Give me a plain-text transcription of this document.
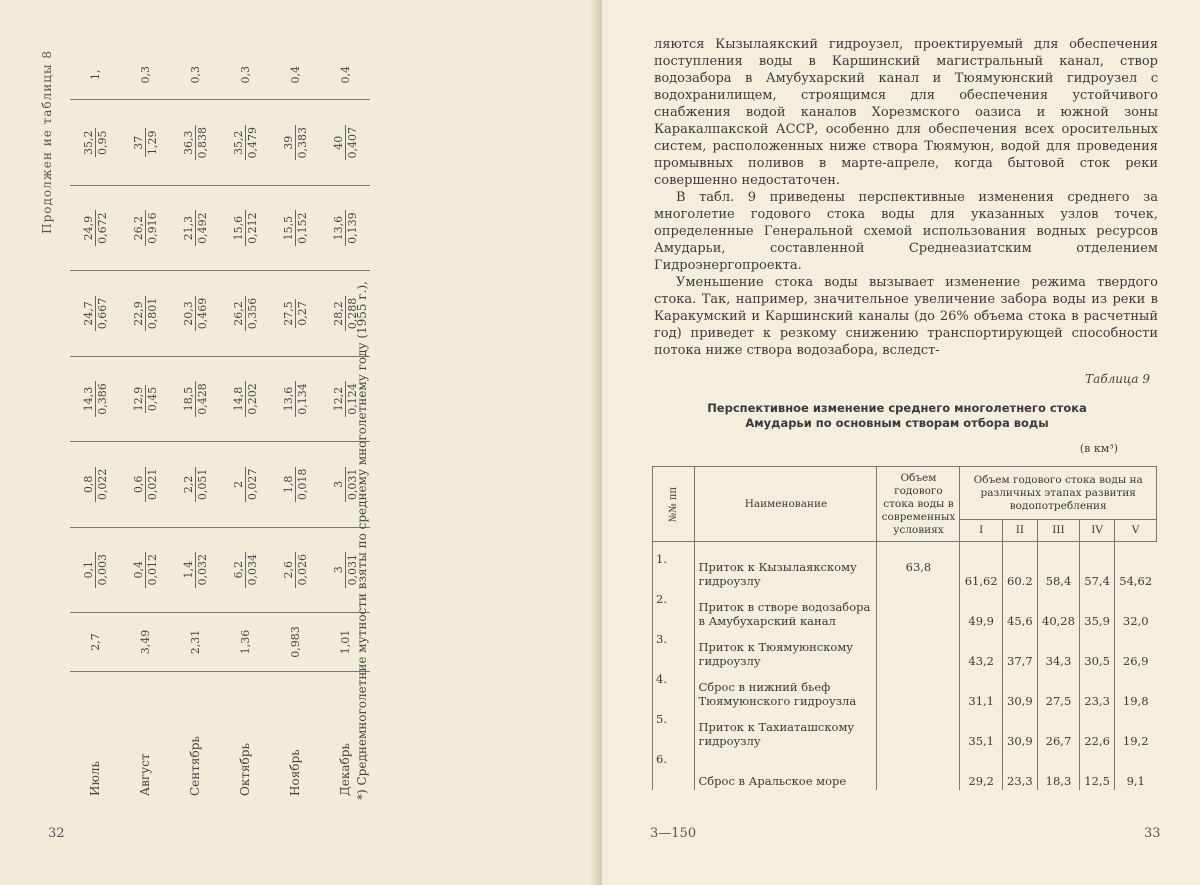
Продолжен ие таблицы 8
Июль	2,7	0,1 0,003	0,8 0,022	14,3 0,386	24,7 0,667	24,9 0,672	35,2 0,95	1,
Август	3,49	0,4 0,012	0,6 0,021	12,9 0,45	22,9 0,801	26,2 0,916	37 1,29	0,3
Сентябрь	2,31	1,4 0,032	2,2 0,051	18,5 0,428	20,3 0,469	21,3 0,492	36,3 0,838	0,3
Октябрь	1,36	6,2 0,034	2 0,027	14,8 0,202	26,2 0,356	15,6 0,212	35,2 0,479	0,3
Ноябрь	0,983	2,6 0,026	1,8 0,018	13,6 0,134	27,5 0,27	15,5 0,152	39 0,383	0,4
Декабрь	1,01	3 0,031	3 0,031	12,2 0,124	28,2 0,288	13,6 0,139	40 0,407	0,4
*) Среднемноголетние мутности взяты по среднему многолетнему году (1955 г.),
32

ляются Кызылаякский гидроузел, проектируемый для обеспечения поступления воды в Каршинский магистральный канал, створ водозабора в Амубухарский канал и Тюямуюнский гидроузел с водохранилищем, строящимся для обеспечения устойчивого снабжения водой каналов Хорезмского оазиса и южной зоны Каракалпакской АССР, особенно для обеспечения всех оросительных систем, расположенных ниже створа Тюямуюн, водой для проведения промывных поливов в марте-апреле, когда бытовой сток реки совершенно недостаточен.

В табл. 9 приведены перспективные изменения среднего за многолетие годового стока воды для указанных узлов точек, определенные Генеральной схемой использования водных ресурсов Амударьи, составленной Среднеазиатским отделением Гидроэнергопроекта.

Уменьшение стока воды вызывает изменение режима твердого стока. Так, например, значительное увеличение забора воды из реки в Каракумский и Каршинский каналы (до 26% объема стока в расчетный год) приведет к резкому снижению транспортирующей способности потока ниже створа водозабора, вследст-

Таблица 9
Перспективное изменение среднего многолетнего стока
Амударьи по основным створам отбора воды
(в км³)
№№ пп	Наименование	Объем годового стока воды в современных условиях	Объем годового стока воды на различных этапах развития водопотребления				
			I	II	III	IV	V
1.	Приток к Кызылаякскому гидроузлу	63,8	61,62	60.2	58,4	57,4	54,62
2.	Приток в створе водозабора в Амубухарский канал		49,9	45,6	40,28	35,9	32,0
3.	Приток к Тюямуюнскому гидроузлу		43,2	37,7	34,3	30,5	26,9
4.	Сброс в нижний бьеф Тюямуюнского гидроузла		31,1	30,9	27,5	23,3	19,8
5.	Приток к Тахиаташскому гидроузлу		35,1	30,9	26,7	22,6	19,2
6.	Сброс в Аральское море		29,2	23,3	18,3	12,5	9,1
3—150	33
